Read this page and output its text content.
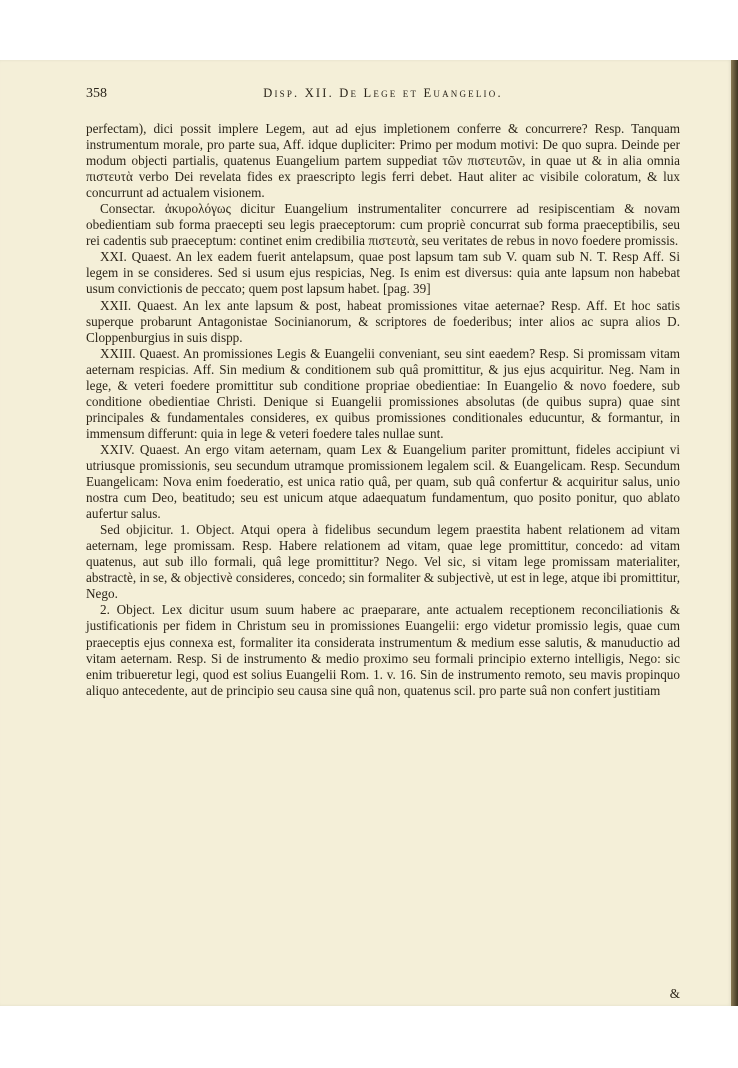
358	Disp. XII. De Lege et Euangelio.

perfectam), dici possit implere Legem, aut ad ejus impletionem conferre & concurrere? Resp. Tanquam instrumentum morale, pro parte sua, Aff. idque dupliciter: Primo per modum motivi: De quo supra. Deinde per modum objecti partialis, quatenus Euangelium partem suppediat τῶν πιστευτῶν, in quae ut & in alia omnia πιστευτὰ verbo Dei revelata fides ex praescripto legis ferri debet. Haut aliter ac visibile coloratum, & lux concurrunt ad actualem visionem.

Consectar. ἀκυρολόγως dicitur Euangelium instrumentaliter concurrere ad resipiscentiam & novam obedientiam sub forma praecepti seu legis praeceptorum: cum propriè concurrat sub forma praeceptibilis, seu rei cadentis sub praeceptum: continet enim credibilia πιστευτὰ, seu veritates de rebus in novo foedere promissis.

XXI. Quaest. An lex eadem fuerit antelapsum, quae post lapsum tam sub V. quam sub N. T. Resp Aff. Si legem in se consideres. Sed si usum ejus respicias, Neg. Is enim est diversus: quia ante lapsum non habebat usum convictionis de peccato; quem post lapsum habet. [pag. 39]

XXII. Quaest. An lex ante lapsum & post, habeat promissiones vitae aeternae? Resp. Aff. Et hoc satis superque probarunt Antagonistae Socinianorum, & scriptores de foederibus; inter alios ac supra alios D. Cloppenburgius in suis dispp.

XXIII. Quaest. An promissiones Legis & Euangelii conveniant, seu sint eaedem? Resp. Si promissam vitam aeternam respicias. Aff. Sin medium & conditionem sub quâ promittitur, & jus ejus acquiritur. Neg. Nam in lege, & veteri foedere promittitur sub conditione propriae obedientiae: In Euangelio & novo foedere, sub conditione obedientiae Christi. Denique si Euangelii promissiones absolutas (de quibus supra) quae sint principales & fundamentales consideres, ex quibus promissiones conditionales educuntur, & formantur, in immensum differunt: quia in lege & veteri foedere tales nullae sunt.

XXIV. Quaest. An ergo vitam aeternam, quam Lex & Euangelium pariter promittunt, fideles accipiunt vi utriusque promissionis, seu secundum utramque promissionem legalem scil. & Euangelicam. Resp. Secundum Euangelicam: Nova enim foederatio, est unica ratio quâ, per quam, sub quâ confertur & acquiritur salus, unio nostra cum Deo, beatitudo; seu est unicum atque adaequatum fundamentum, quo posito ponitur, quo ablato aufertur salus.

Sed objicitur. 1. Object. Atqui opera à fidelibus secundum legem praestita habent relationem ad vitam aeternam, lege promissam. Resp. Habere relationem ad vitam, quae lege promittitur, concedo: ad vitam quatenus, aut sub illo formali, quâ lege promittitur? Nego. Vel sic, si vitam lege promissam materialiter, abstractè, in se, & objectivè consideres, concedo; sin formaliter & subjectivè, ut est in lege, atque ibi promittitur, Nego.

2. Object. Lex dicitur usum suum habere ac praeparare, ante actualem receptionem reconciliationis & justificationis per fidem in Christum seu in promissiones Euangelii: ergo videtur promissio legis, quae cum praeceptis ejus connexa est, formaliter ita considerata instrumentum & medium esse salutis, & manuductio ad vitam aeternam. Resp. Si de instrumento & medio proximo seu formali principio externo intelligis, Nego: sic enim tribueretur legi, quod est solius Euangelii Rom. 1. v. 16. Sin de instrumento remoto, seu mavis propinquo aliquo antecedente, aut de principio seu causa sine quâ non, quatenus scil. pro parte suâ non confert justitiam

&
